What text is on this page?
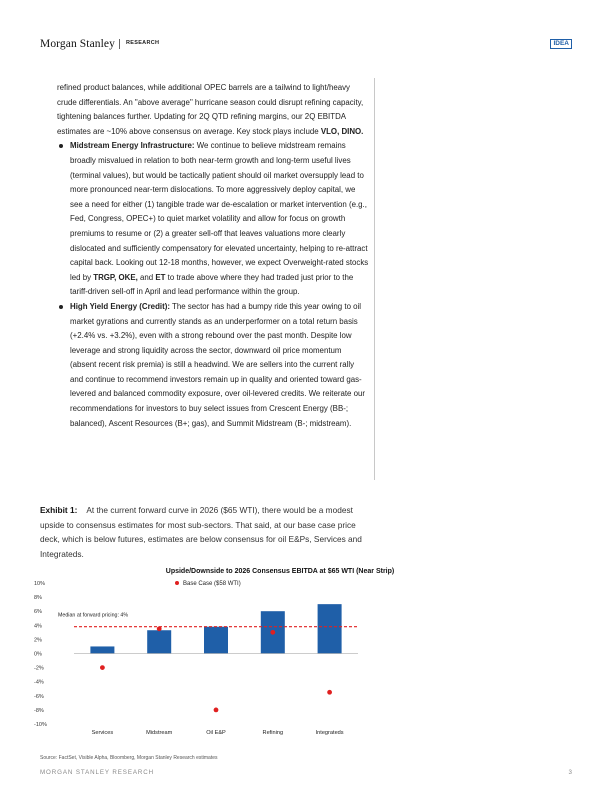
Morgan Stanley RESEARCH	IDEA

refined product balances, while additional OPEC barrels are a tailwind to light/heavy crude differentials. An "above average" hurricane season could disrupt refining capacity, tightening balances further. Updating for 2Q QTD refining margins, our 2Q EBITDA estimates are ~10% above consensus on average. Key stock plays include VLO, DINO.

Midstream Energy Infrastructure: We continue to believe midstream remains broadly misvalued in relation to both near-term growth and long-term useful lives (terminal values), but would be tactically patient should oil market oversupply lead to more pronounced near-term dislocations. To more aggressively deploy capital, we see a need for either (1) tangible trade war de-escalation or market intervention (e.g., Fed, Congress, OPEC+) to quiet market volatility and allow for focus on growth premiums to resume or (2) a greater sell-off that leaves valuations more clearly dislocated and sufficiently compensatory for elevated uncertainty, helping to re-attract capital back. Looking out 12-18 months, however, we expect Overweight-rated stocks led by TRGP, OKE, and ET to trade above where they had traded just prior to the tariff-driven sell-off in April and lead performance within the group.
High Yield Energy (Credit): The sector has had a bumpy ride this year owing to oil market gyrations and currently stands as an underperformer on a total return basis (+2.4% vs. +3.2%), even with a strong rebound over the past month. Despite low leverage and strong liquidity across the sector, downward oil price momentum (absent recent risk premia) is still a headwind. We are sellers into the current rally and continue to recommend investors remain up in quality and oriented toward gas-levered and balanced commodity exposure, over oil-levered credits. We reiterate our recommendations for investors to buy select issues from Crescent Energy (BB-; balanced), Ascent Resources (B+; gas), and Summit Midstream (B-; midstream).
Exhibit 1: At the current forward curve in 2026 ($65 WTI), there would be a modest upside to consensus estimates for most sub-sectors. That said, at our base case price deck, which is below futures, estimates are below consensus for oil E&Ps, Services and Integrateds.
Upside/Downside to 2026 Consensus EBITDA at $65 WTI (Near Strip)
Base Case ($58 WTI)
10%
8%
6%
4%
2%
0%
-2%
-4%
-6%
-8%
-10%
Median at forward pricing: 4%
Services	Midstream	Oil E&P	Refining	Integrateds
Source: FactSet, Visible Alpha, Bloomberg, Morgan Stanley Research estimates
MORGAN STANLEY RESEARCH	3
